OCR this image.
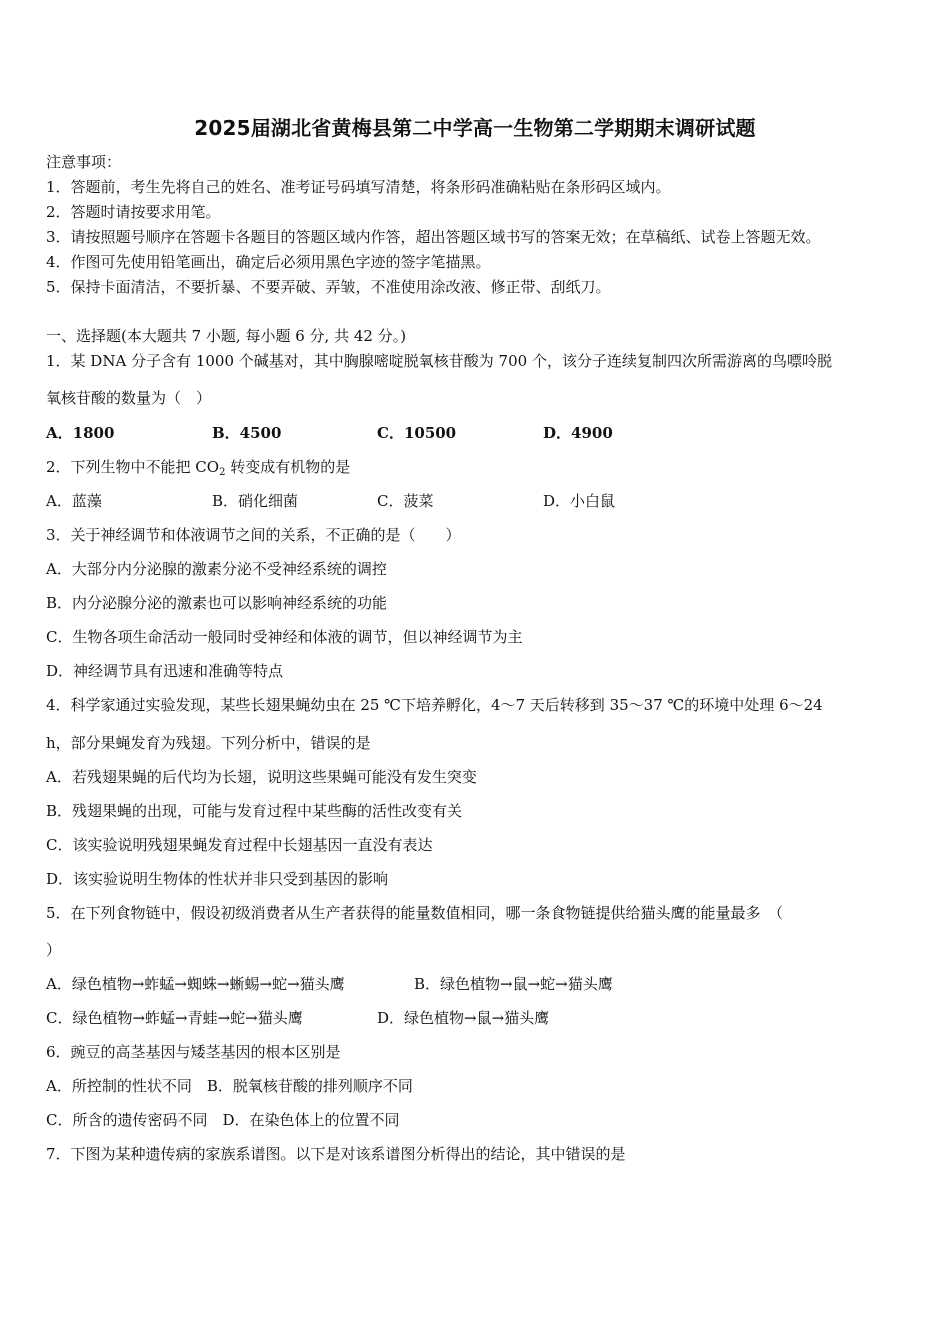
2025届湖北省黄梅县第二中学高一生物第二学期期末调研试题
注意事项：
1．答题前，考生先将自己的姓名、准考证号码填写清楚，将条形码准确粘贴在条形码区域内。
2．答题时请按要求用笔。
3．请按照题号顺序在答题卡各题目的答题区域内作答，超出答题区域书写的答案无效；在草稿纸、试卷上答题无效。
4．作图可先使用铅笔画出，确定后必须用黑色字迹的签字笔描黑。
5．保持卡面清洁，不要折暴、不要弄破、弄皱，不准使用涂改液、修正带、刮纸刀。
一、选择题(本大题共 7 小题, 每小题 6 分, 共 42 分。)
1．某 DNA 分子含有 1000 个碱基对，其中胸腺嘧啶脱氧核苷酸为 700 个，该分子连续复制四次所需游离的鸟嘌呤脱
氧核苷酸的数量为（　）
A．1800	B．4500	C．10500	D．4900
2．下列生物中不能把 $CO_2$ 转变成有机物的是
A．蓝藻	B．硝化细菌	C．菠菜	D．小白鼠
3．关于神经调节和体液调节之间的关系，不正确的是（　　）
A．大部分内分泌腺的激素分泌不受神经系统的调控
B．内分泌腺分泌的激素也可以影响神经系统的功能
C．生物各项生命活动一般同时受神经和体液的调节，但以神经调节为主
D．神经调节具有迅速和准确等特点
4．科学家通过实验发现，某些长翅果蝇幼虫在 25 ℃下培养孵化，4～7 天后转移到 35～37 ℃的环境中处理 6～24
h，部分果蝇发育为残翅。下列分析中，错误的是
A．若残翅果蝇的后代均为长翅，说明这些果蝇可能没有发生突变
B．残翅果蝇的出现，可能与发育过程中某些酶的活性改变有关
C．该实验说明残翅果蝇发育过程中长翅基因一直没有表达
D．该实验说明生物体的性状并非只受到基因的影响
5．在下列食物链中，假设初级消费者从生产者获得的能量数值相同，哪一条食物链提供给猫头鹰的能量最多　（
）
A．绿色植物→蚱蜢→蜘蛛→蜥蜴→蛇→猫头鹰	B．绿色植物→鼠→蛇→猫头鹰
C．绿色植物→蚱蜢→青蛙→蛇→猫头鹰	D．绿色植物→鼠→猫头鹰
6．豌豆的高茎基因与矮茎基因的根本区别是
A．所控制的性状不同　B．脱氧核苷酸的排列顺序不同
C．所含的遗传密码不同　D．在染色体上的位置不同
7．下图为某种遗传病的家族系谱图。以下是对该系谱图分析得出的结论，其中错误的是
